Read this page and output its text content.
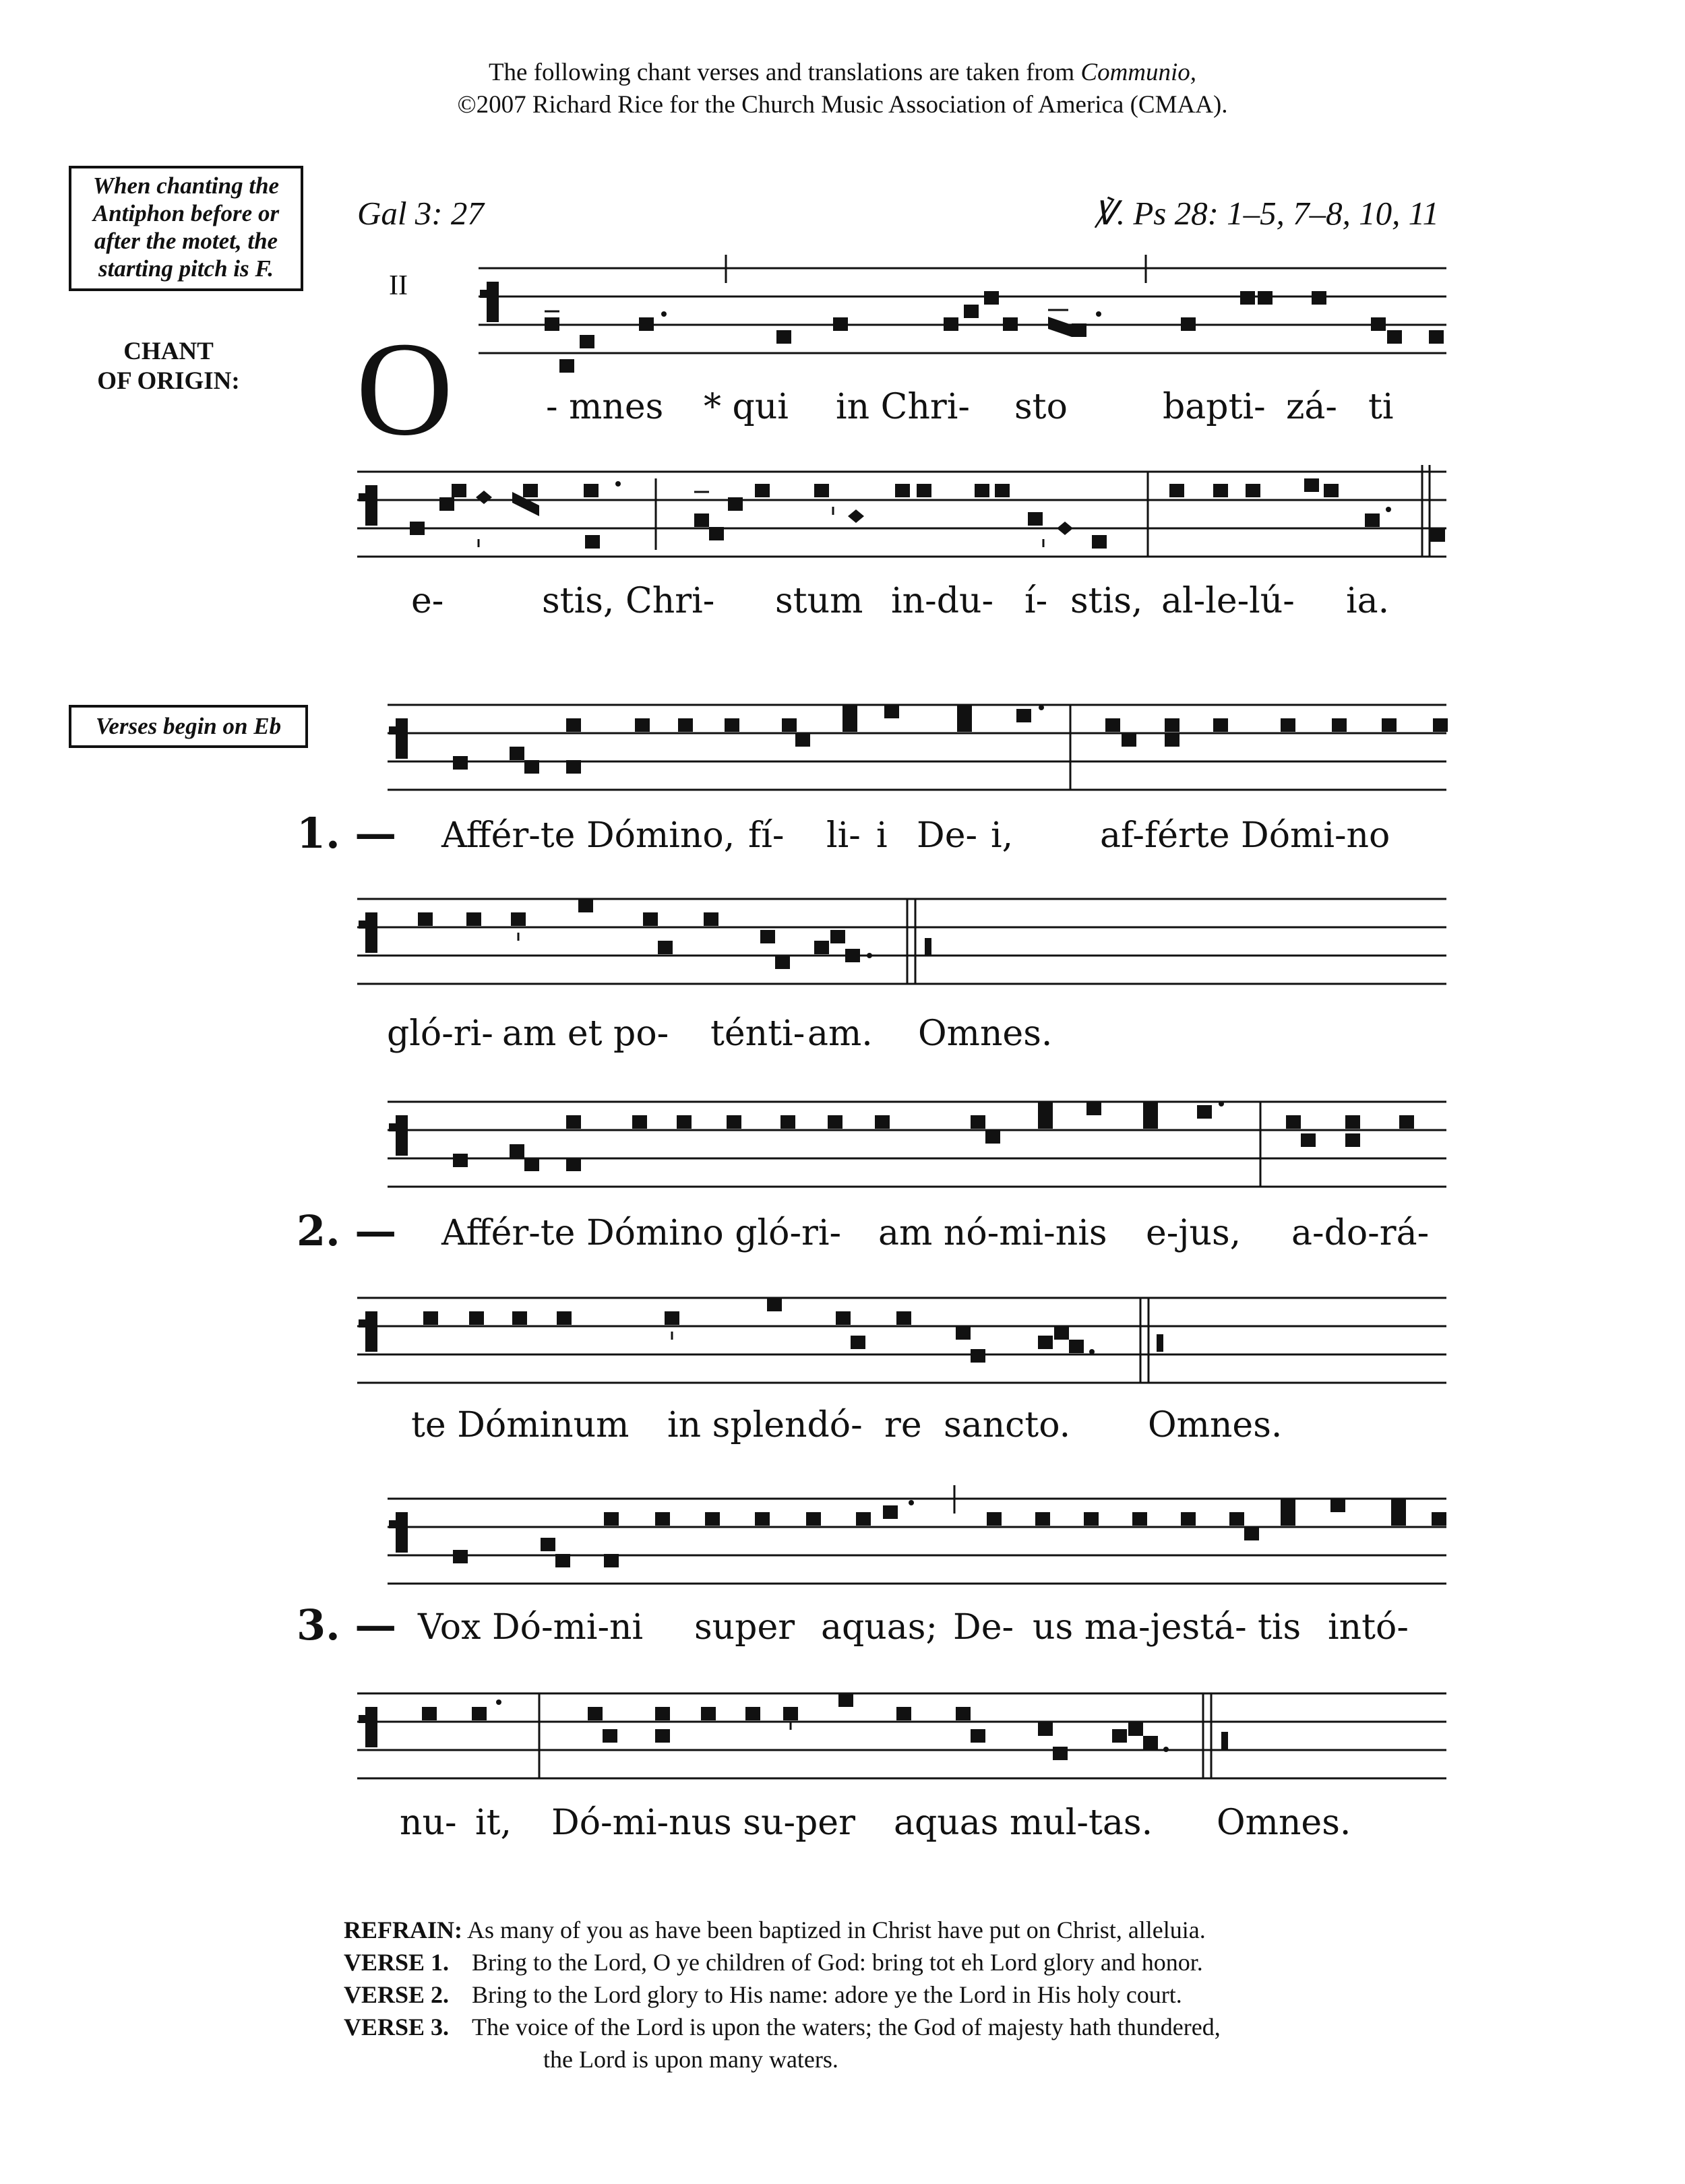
The following chant verses and translations are taken from Communio,
©2007 Richard Rice for the Church Music Association of America (CMAA).
When chanting the
Antiphon before or
after the motet, the
starting pitch is F.
CHANT
OF ORIGIN:
Verses begin on Eb
Gal 3: 27	℣. Ps 28: 1–5, 7–8, 10, 11
II
O	- mnes * qui in Chri- sto	bapti- zá- ti
e-	stis, Chri- stum in-du- í- stis, al-le-lú- ia.
1. — Affér-te Dómino, fí- li- i De- i, af-férte Dómi-no
gló-ri- am et po- ténti- am. Omnes.
2. — Affér-te Dómino gló-ri- am nó-mi-nis e-jus, a-do-rá-
te Dóminum in splendó- re sancto. Omnes.
3. — Vox Dó-mi-ni super aquas; De- us ma-jestá- tis intó-
nu- it, Dó-mi-nus su-per aquas mul-tas. Omnes.
REFRAIN: As many of you as have been baptized in Christ have put on Christ, alleluia.
VERSE 1. Bring to the Lord, O ye children of God: bring tot eh Lord glory and honor.
VERSE 2. Bring to the Lord glory to His name: adore ye the Lord in His holy court.
VERSE 3. The voice of the Lord is upon the waters; the God of majesty hath thundered,
the Lord is upon many waters.
